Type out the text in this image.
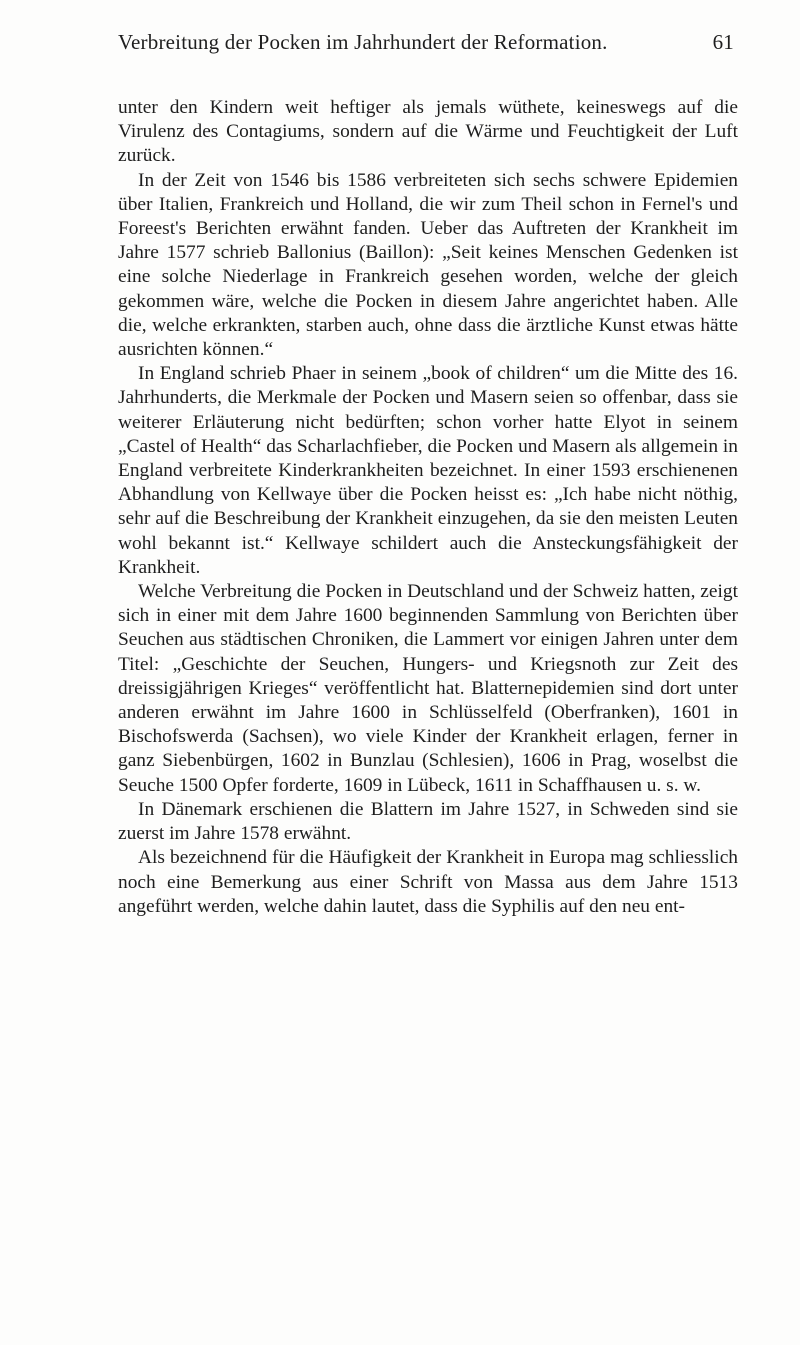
Verbreitung der Pocken im Jahrhundert der Reformation.	61

unter den Kindern weit heftiger als jemals wüthete, keineswegs auf die Virulenz des Contagiums, sondern auf die Wärme und Feuchtigkeit der Luft zurück.

In der Zeit von 1546 bis 1586 verbreiteten sich sechs schwere Epidemien über Italien, Frankreich und Holland, die wir zum Theil schon in Fernel's und Foreest's Berichten erwähnt fanden. Ueber das Auftreten der Krankheit im Jahre 1577 schrieb Ballonius (Baillon): „Seit keines Menschen Gedenken ist eine solche Niederlage in Frankreich gesehen worden, welche der gleich gekommen wäre, welche die Pocken in diesem Jahre angerichtet haben. Alle die, welche erkrankten, starben auch, ohne dass die ärztliche Kunst etwas hätte ausrichten können.“

In England schrieb Phaer in seinem „book of children“ um die Mitte des 16. Jahrhunderts, die Merkmale der Pocken und Masern seien so offenbar, dass sie weiterer Erläuterung nicht bedürften; schon vorher hatte Elyot in seinem „Castel of Health“ das Scharlachfieber, die Pocken und Masern als allgemein in England verbreitete Kinderkrankheiten bezeichnet. In einer 1593 erschienenen Abhandlung von Kellwaye über die Pocken heisst es: „Ich habe nicht nöthig, sehr auf die Beschreibung der Krankheit einzugehen, da sie den meisten Leuten wohl bekannt ist.“ Kellwaye schildert auch die Ansteckungsfähigkeit der Krankheit.

Welche Verbreitung die Pocken in Deutschland und der Schweiz hatten, zeigt sich in einer mit dem Jahre 1600 beginnenden Sammlung von Berichten über Seuchen aus städtischen Chroniken, die Lammert vor einigen Jahren unter dem Titel: „Geschichte der Seuchen, Hungers- und Kriegsnoth zur Zeit des dreissigjährigen Krieges“ veröffentlicht hat. Blatternepidemien sind dort unter anderen erwähnt im Jahre 1600 in Schlüsselfeld (Oberfranken), 1601 in Bischofswerda (Sachsen), wo viele Kinder der Krankheit erlagen, ferner in ganz Siebenbürgen, 1602 in Bunzlau (Schlesien), 1606 in Prag, woselbst die Seuche 1500 Opfer forderte, 1609 in Lübeck, 1611 in Schaffhausen u. s. w.

In Dänemark erschienen die Blattern im Jahre 1527, in Schweden sind sie zuerst im Jahre 1578 erwähnt.

Als bezeichnend für die Häufigkeit der Krankheit in Europa mag schliesslich noch eine Bemerkung aus einer Schrift von Massa aus dem Jahre 1513 angeführt werden, welche dahin lautet, dass die Syphilis auf den neu ent-
